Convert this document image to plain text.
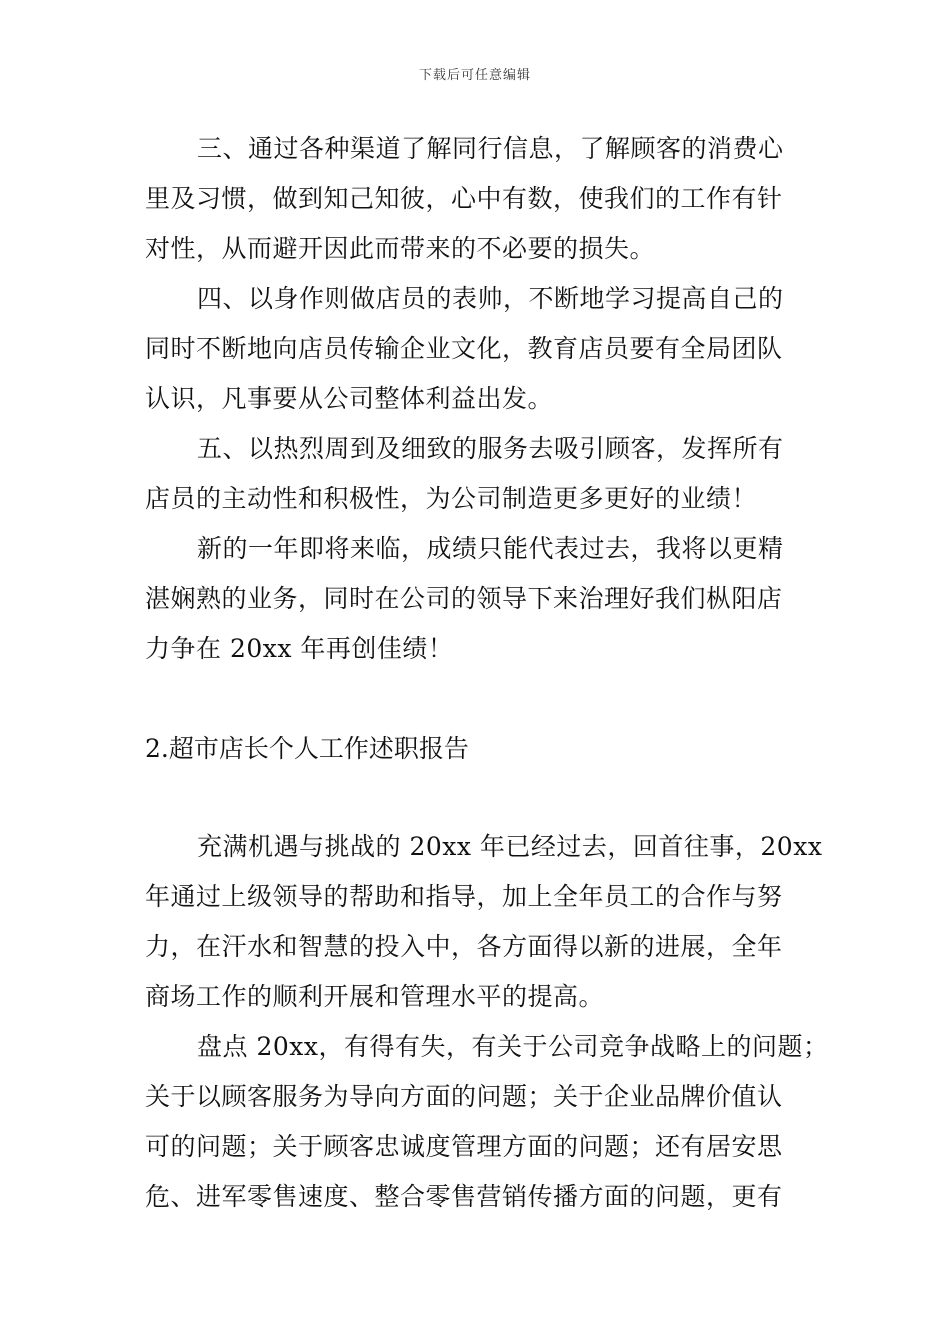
下载后可任意编辑
三、通过各种渠道了解同行信息，了解顾客的消费心
里及习惯，做到知己知彼，心中有数，使我们的工作有针
对性，从而避开因此而带来的不必要的损失。
四、以身作则做店员的表帅，不断地学习提高自己的
同时不断地向店员传输企业文化，教育店员要有全局团队
认识，凡事要从公司整体利益出发。
五、以热烈周到及细致的服务去吸引顾客，发挥所有
店员的主动性和积极性，为公司制造更多更好的业绩！
新的一年即将来临，成绩只能代表过去，我将以更精
湛娴熟的业务，同时在公司的领导下来治理好我们枞阳店
力争在 20xx 年再创佳绩！
2.超市店长个人工作述职报告
充满机遇与挑战的 20xx 年已经过去，回首往事，20xx
年通过上级领导的帮助和指导，加上全年员工的合作与努
力，在汗水和智慧的投入中，各方面得以新的进展，全年
商场工作的顺利开展和管理水平的提高。
盘点 20xx，有得有失，有关于公司竞争战略上的问题；
关于以顾客服务为导向方面的问题；关于企业品牌价值认
可的问题；关于顾客忠诚度管理方面的问题；还有居安思
危、进军零售速度、整合零售营销传播方面的问题，更有
